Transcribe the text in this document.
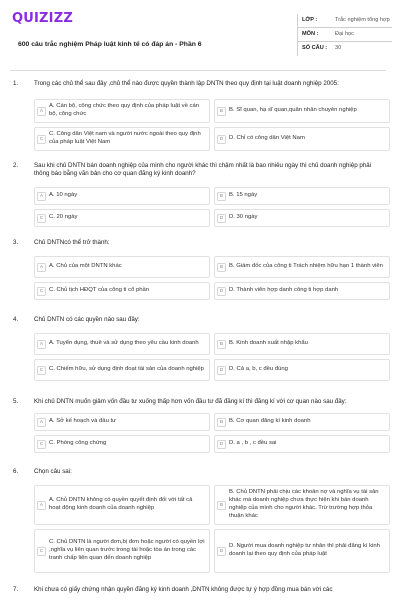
QUIZIZZ
600 câu trắc nghiệm Pháp luật kinh tế có đáp án - Phần 6
LỚP :	Trắc nghiệm tổng hợp
MÔN :	Đại học
SỐ CÂU :	30
1.	Trong các chủ thể sau đây ,chủ thể nào được quyền thành lập DNTN theo quy định tại luật doanh nghiệp 2005:
A
A. Cán bộ, công chức theo quy định của pháp luật về cán bộ, công chức	B	B. Sĩ quan, hạ sĩ quan,quân nhân chuyên nghiệp
C
C. Công dân Việt nam và người nước ngoài theo quy định của pháp luật Việt Nam	D D. Chỉ có công dân Việt Nam
2.	Sau khi chủ DNTN bán doanh nghiệp của mình cho người khác thì chậm nhất là bao nhiêu ngày thì chủ doanh nghiệp phải thông báo bằng văn bản cho cơ quan đăng ký kinh doanh?
A	A. 10 ngày	B	B. 15 ngày
C C. 20 ngày	D D. 30 ngày
3.	Chủ DNTNcó thể trở thành:
A	A. Chủ của một DNTN khác	B	B. Giám đốc của công ti Trách nhiệm hữu hạn 1 thành viên
C C. Chủ tịch HĐQT của công ti cổ phần	D D. Thành viên hợp danh công ti hợp danh
4.	Chủ DNTN có các quyền nào sau đây:
A	A. Tuyển dụng, thuê và sử dụng theo yêu cầu kinh doanh	B	B. Kinh doanh xuất nhập khẩu
C C. Chiếm hữu, sử dụng định đoạt tài sản của doanh nghiệp	D D. Cả a, b, c đều đúng
5.	Khi chủ DNTN muốn giảm vốn đầu tư xuống thấp hơn vốn đầu tư đã đăng kí thì đăng kí với cơ quan nào sau đây:
A	A. Sở kế hoạch và đầu tư	B	B. Cơ quan đăng kí kinh doanh
C C. Phòng công chứng	D D. a , b , c đều sai
6.	Chọn câu sai:
A
A. Chủ DNTN không có quyền quyết định đối với tất cả hoạt động kinh doanh của doanh nghiệp	B
B. Chủ DNTN phải chịu các khoản nợ và nghĩa vụ tài sản khác mà doanh nghiệp chưa thực hiện khi bán doanh nghiệp của mình cho người khác. Trừ trường hợp thỏa thuận khác
C
C. Chủ DNTN là người đơn,bị đơn hoặc người có quyền lợi ,nghĩa vụ liên quan trước trong tài hoặc tòa án trong các tranh chấp liên quan đến doanh nghiệp
D
D. Người mua doanh nghiệp tư nhân thì phải đăng kí kinh doanh lại theo quy định của pháp luật
7.	Khi chưa có giấy chứng nhận quyền đăng ký kinh doanh ,DNTN không được tự ý hợp đồng mua bán với các
